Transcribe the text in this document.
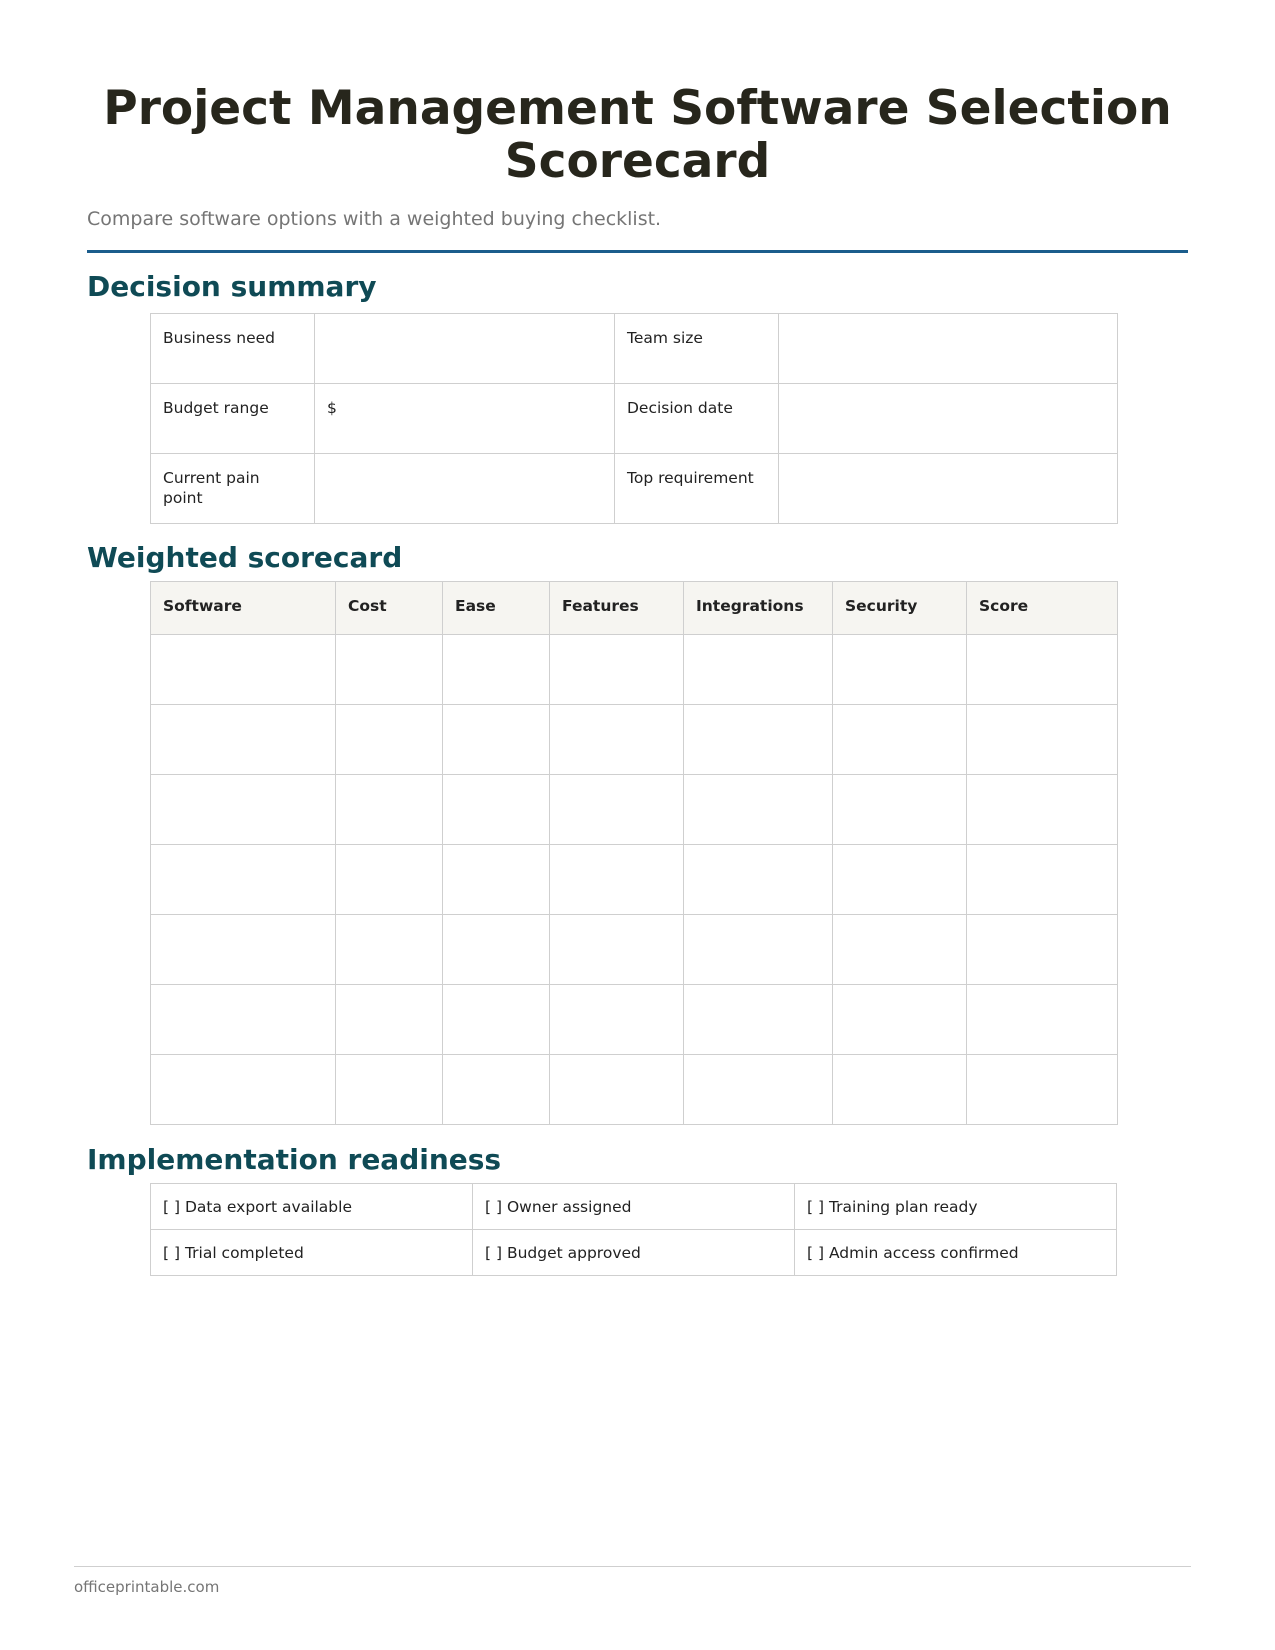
Project Management Software Selection Scorecard

Compare software options with a weighted buying checklist.

Decision summary
Business need		Team size	
Budget range	$	Decision date	
Current pain point		Top requirement	
Weighted scorecard
Software	Cost	Ease	Features	Integrations	Security	Score

Implementation readiness
[ ] Data export available	[ ] Owner assigned	[ ] Training plan ready
[ ] Trial completed	[ ] Budget approved	[ ] Admin access confirmed
officeprintable.com
